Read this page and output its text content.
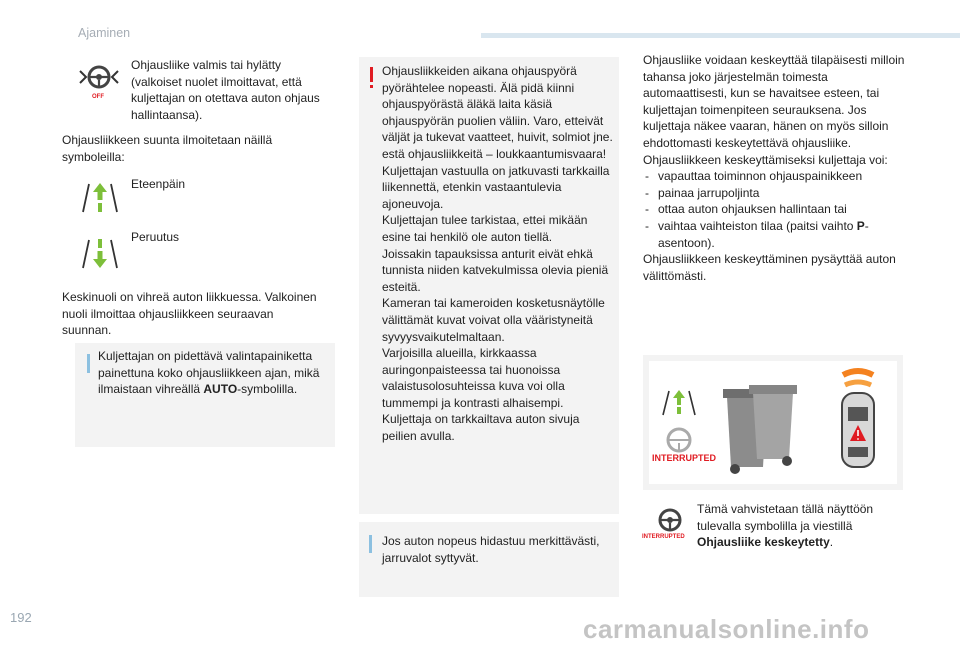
Ajaminen
OFF

Ohjausliike valmis tai hylätty (valkoiset nuolet ilmoittavat, että kuljettajan on otettava auton ohjaus hallintaansa).

Ohjausliikkeen suunta ilmoitetaan näillä symboleilla:

Eteenpäin
Peruutus

Keskinuoli on vihreä auton liikkuessa. Valkoinen nuoli ilmoittaa ohjausliikkeen seuraavan suunnan.

Kuljettajan on pidettävä valintapainiketta painettuna koko ohjausliikkeen ajan, mikä ilmaistaan vihreällä AUTO-symbolilla.

Ohjausliikkeiden aikana ohjauspyörä pyörähtelee nopeasti. Älä pidä kiinni ohjauspyörästä äläkä laita käsiä ohjauspyörän puolien väliin. Varo, etteivät väljät ja tukevat vaatteet, huivit, solmiot jne. estä ohjausliikkeitä – loukkaantumisvaara!
Kuljettajan vastuulla on jatkuvasti tarkkailla liikennettä, etenkin vastaantulevia ajoneuvoja.
Kuljettajan tulee tarkistaa, ettei mikään esine tai henkilö ole auton tiellä.
Joissakin tapauksissa anturit eivät ehkä tunnista niiden katvekulmissa olevia pieniä esteitä.
Kameran tai kameroiden kosketusnäytölle välittämät kuvat voivat olla vääristyneitä syvyysvaikutelmaltaan.
Varjoisilla alueilla, kirkkaassa auringonpaisteessa tai huonoissa valaistusolosuhteissa kuva voi olla tummempi ja kontrasti alhaisempi.
Kuljettaja on tarkkailtava auton sivuja peilien avulla.

Jos auton nopeus hidastuu merkittävästi, jarruvalot syttyvät.

Ohjausliike voidaan keskeyttää tilapäisesti milloin tahansa joko järjestelmän toimesta automaattisesti, kun se havaitsee esteen, tai kuljettajan toimenpiteen seurauksena. Jos kuljettaja näkee vaaran, hänen on myös silloin ehdottomasti keskeytettävä ohjausliike.
Ohjausliikkeen keskeyttämiseksi kuljettaja voi:

- vapauttaa toiminnon ohjauspainikkeen
- painaa jarrupoljinta
- ottaa auton ohjauksen hallintaan tai
- vaihtaa vaihteiston tilaa (paitsi vaihto P-asentoon).

Ohjausliikkeen keskeyttäminen pysäyttää auton välittömästi.

INTERRUPTED
INTERRUPTED

Tämä vahvistetaan tällä näyttöön tulevalla symbolilla ja viestillä Ohjausliike keskeytetty.

192	carmanualsonline.info
